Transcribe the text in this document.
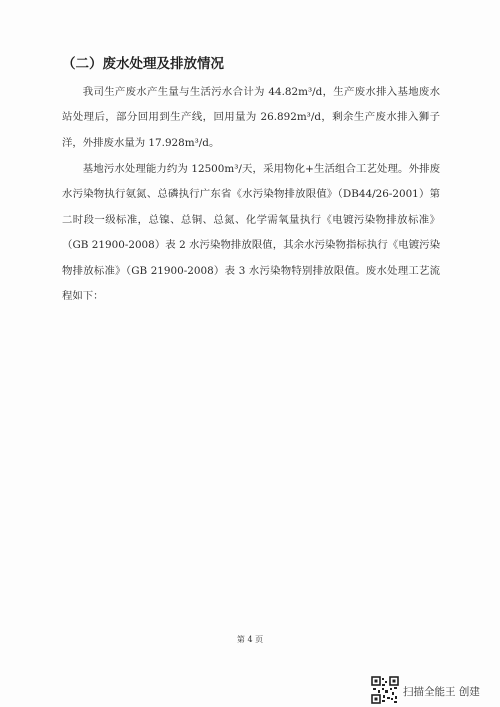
（二）废水处理及排放情况

我司生产废水产生量与生活污水合计为 44.82m³/d，生产废水排入基地废水站处理后，部分回用到生产线，回用量为 26.892m³/d，剩余生产废水排入狮子洋，外排废水量为 17.928m³/d。

基地污水处理能力约为 12500m³/天，采用物化+生活组合工艺处理。外排废水污染物执行氨氮、总磷执行广东省《水污染物排放限值》（DB44/26-2001）第二时段一级标准，总镍、总铜、总氮、化学需氧量执行《电镀污染物排放标准》（GB 21900-2008）表 2 水污染物排放限值，其余水污染物指标执行《电镀污染物排放标准》（GB 21900-2008）表 3 水污染物特别排放限值。废水处理工艺流程如下：

第 4 页
扫描全能王 创建
